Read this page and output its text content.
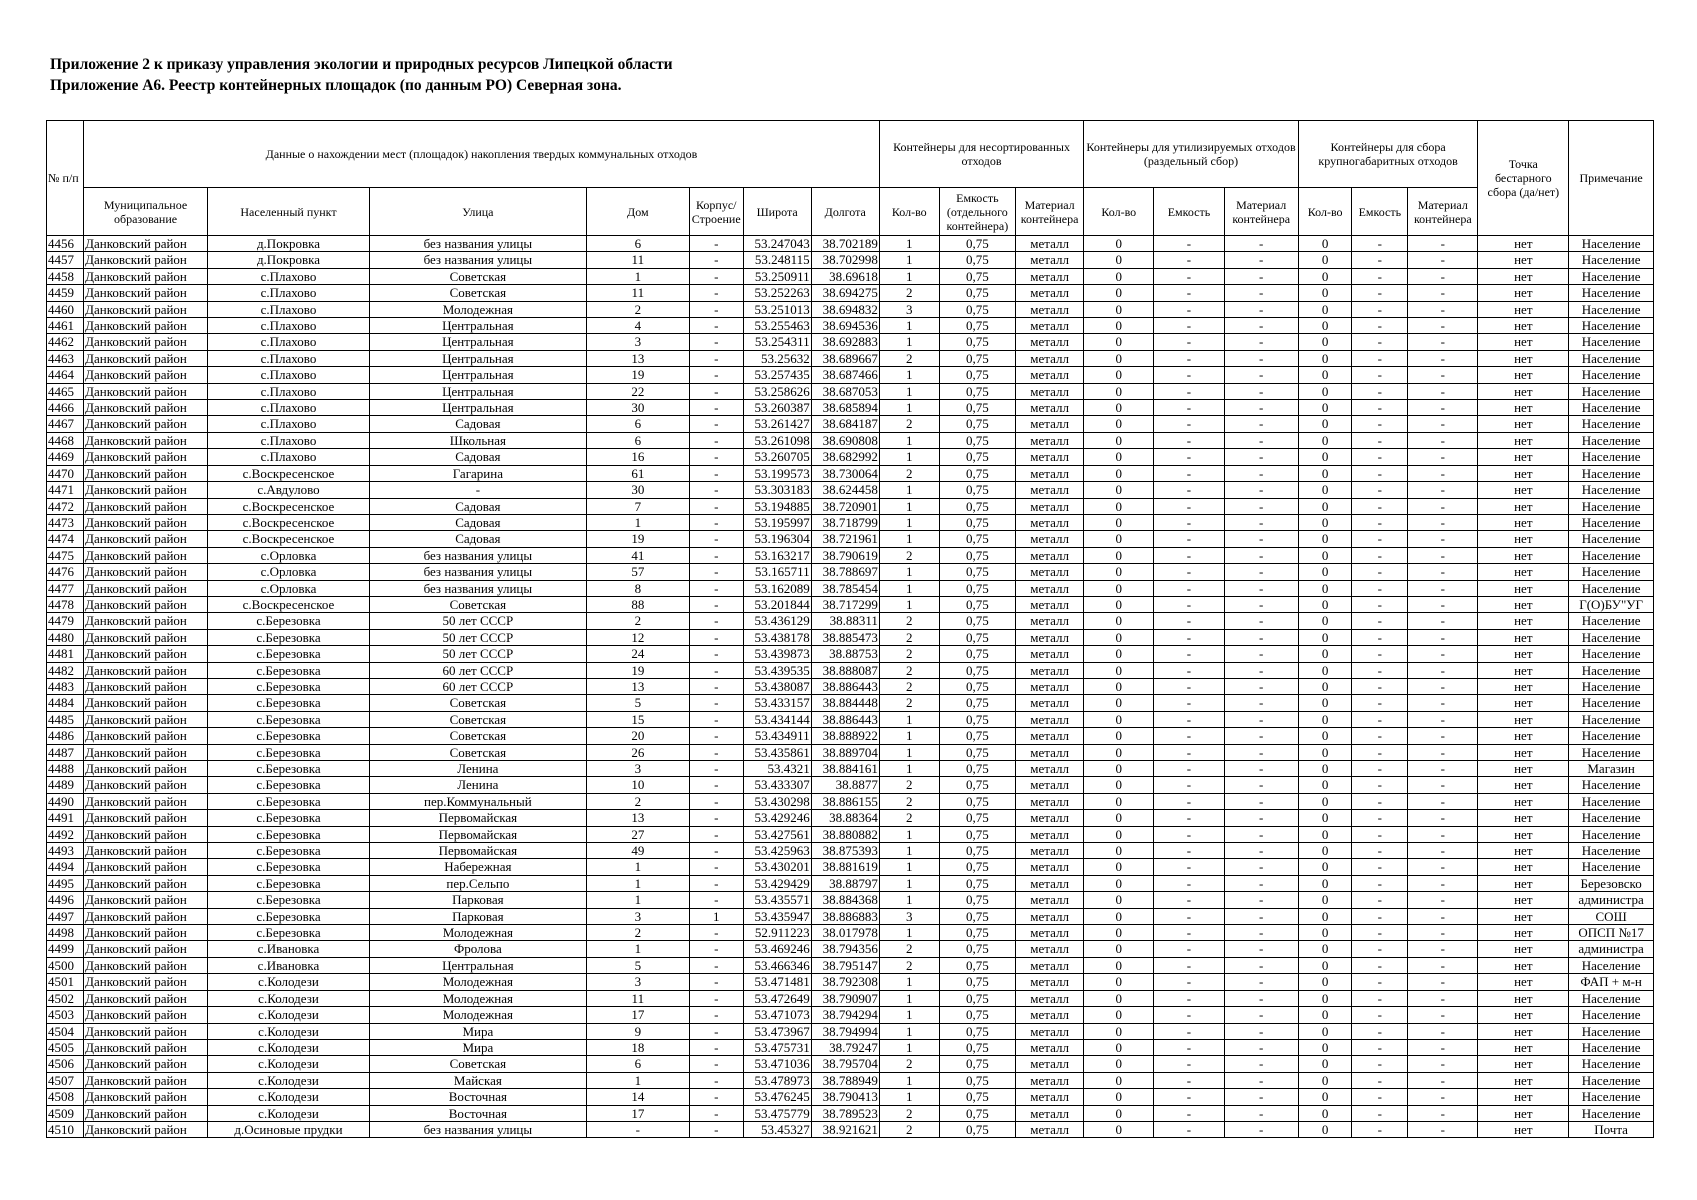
Приложение 2 к приказу управления экологии и природных ресурсов Липецкой области
Приложение А6. Реестр контейнерных площадок (по данным РО) Северная зона.
№ п/п	Данные о нахождении мест (площадок) накопления твердых коммунальных отходов							Контейнеры для несортированных отходов			Контейнеры для утилизируемых отходов (раздельный сбор)			Контейнеры для сбора крупногабаритных отходов			Точка бестарного сбора (да/нет)	Примечание
	Муниципальное образование	Населенный пункт	Улица	Дом	Корпус/ Строение	Широта	Долгота	Кол-во	Емкость (отдельного контейнера)	Материал контейнера	Кол-во	Емкость	Материал контейнера	Кол-во	Емкость	Материал контейнера		
4456	Данковский район	д.Покровка	без названия улицы	6	-	53.247043	38.702189	1	0,75	металл	0	-	-	0	-	-	нет	Население
4457	Данковский район	д.Покровка	без названия улицы	11	-	53.248115	38.702998	1	0,75	металл	0	-	-	0	-	-	нет	Население
4458	Данковский район	с.Плахово	Советская	1	-	53.250911	38.69618	1	0,75	металл	0	-	-	0	-	-	нет	Население
4459	Данковский район	с.Плахово	Советская	11	-	53.252263	38.694275	2	0,75	металл	0	-	-	0	-	-	нет	Население
4460	Данковский район	с.Плахово	Молодежная	2	-	53.251013	38.694832	3	0,75	металл	0	-	-	0	-	-	нет	Население
4461	Данковский район	с.Плахово	Центральная	4	-	53.255463	38.694536	1	0,75	металл	0	-	-	0	-	-	нет	Население
4462	Данковский район	с.Плахово	Центральная	3	-	53.254311	38.692883	1	0,75	металл	0	-	-	0	-	-	нет	Население
4463	Данковский район	с.Плахово	Центральная	13	-	53.25632	38.689667	2	0,75	металл	0	-	-	0	-	-	нет	Население
4464	Данковский район	с.Плахово	Центральная	19	-	53.257435	38.687466	1	0,75	металл	0	-	-	0	-	-	нет	Население
4465	Данковский район	с.Плахово	Центральная	22	-	53.258626	38.687053	1	0,75	металл	0	-	-	0	-	-	нет	Население
4466	Данковский район	с.Плахово	Центральная	30	-	53.260387	38.685894	1	0,75	металл	0	-	-	0	-	-	нет	Население
4467	Данковский район	с.Плахово	Садовая	6	-	53.261427	38.684187	2	0,75	металл	0	-	-	0	-	-	нет	Население
4468	Данковский район	с.Плахово	Школьная	6	-	53.261098	38.690808	1	0,75	металл	0	-	-	0	-	-	нет	Население
4469	Данковский район	с.Плахово	Садовая	16	-	53.260705	38.682992	1	0,75	металл	0	-	-	0	-	-	нет	Население
4470	Данковский район	с.Воскресенское	Гагарина	61	-	53.199573	38.730064	2	0,75	металл	0	-	-	0	-	-	нет	Население
4471	Данковский район	с.Авдулово	-	30	-	53.303183	38.624458	1	0,75	металл	0	-	-	0	-	-	нет	Население
4472	Данковский район	с.Воскресенское	Садовая	7	-	53.194885	38.720901	1	0,75	металл	0	-	-	0	-	-	нет	Население
4473	Данковский район	с.Воскресенское	Садовая	1	-	53.195997	38.718799	1	0,75	металл	0	-	-	0	-	-	нет	Население
4474	Данковский район	с.Воскресенское	Садовая	19	-	53.196304	38.721961	1	0,75	металл	0	-	-	0	-	-	нет	Население
4475	Данковский район	с.Орловка	без названия улицы	41	-	53.163217	38.790619	2	0,75	металл	0	-	-	0	-	-	нет	Население
4476	Данковский район	с.Орловка	без названия улицы	57	-	53.165711	38.788697	1	0,75	металл	0	-	-	0	-	-	нет	Население
4477	Данковский район	с.Орловка	без названия улицы	8	-	53.162089	38.785454	1	0,75	металл	0	-	-	0	-	-	нет	Население
4478	Данковский район	с.Воскресенское	Советская	88	-	53.201844	38.717299	1	0,75	металл	0	-	-	0	-	-	нет	Г(О)БУ"УГ
4479	Данковский район	с.Березовка	50 лет СССР	2	-	53.436129	38.88311	2	0,75	металл	0	-	-	0	-	-	нет	Население
4480	Данковский район	с.Березовка	50 лет СССР	12	-	53.438178	38.885473	2	0,75	металл	0	-	-	0	-	-	нет	Население
4481	Данковский район	с.Березовка	50 лет СССР	24	-	53.439873	38.88753	2	0,75	металл	0	-	-	0	-	-	нет	Население
4482	Данковский район	с.Березовка	60 лет СССР	19	-	53.439535	38.888087	2	0,75	металл	0	-	-	0	-	-	нет	Население
4483	Данковский район	с.Березовка	60 лет СССР	13	-	53.438087	38.886443	2	0,75	металл	0	-	-	0	-	-	нет	Население
4484	Данковский район	с.Березовка	Советская	5	-	53.433157	38.884448	2	0,75	металл	0	-	-	0	-	-	нет	Население
4485	Данковский район	с.Березовка	Советская	15	-	53.434144	38.886443	1	0,75	металл	0	-	-	0	-	-	нет	Население
4486	Данковский район	с.Березовка	Советская	20	-	53.434911	38.888922	1	0,75	металл	0	-	-	0	-	-	нет	Население
4487	Данковский район	с.Березовка	Советская	26	-	53.435861	38.889704	1	0,75	металл	0	-	-	0	-	-	нет	Население
4488	Данковский район	с.Березовка	Ленина	3	-	53.4321	38.884161	1	0,75	металл	0	-	-	0	-	-	нет	Магазин
4489	Данковский район	с.Березовка	Ленина	10	-	53.433307	38.8877	2	0,75	металл	0	-	-	0	-	-	нет	Население
4490	Данковский район	с.Березовка	пер.Коммунальный	2	-	53.430298	38.886155	2	0,75	металл	0	-	-	0	-	-	нет	Население
4491	Данковский район	с.Березовка	Первомайская	13	-	53.429246	38.88364	2	0,75	металл	0	-	-	0	-	-	нет	Население
4492	Данковский район	с.Березовка	Первомайская	27	-	53.427561	38.880882	1	0,75	металл	0	-	-	0	-	-	нет	Население
4493	Данковский район	с.Березовка	Первомайская	49	-	53.425963	38.875393	1	0,75	металл	0	-	-	0	-	-	нет	Население
4494	Данковский район	с.Березовка	Набережная	1	-	53.430201	38.881619	1	0,75	металл	0	-	-	0	-	-	нет	Население
4495	Данковский район	с.Березовка	пер.Сельпо	1	-	53.429429	38.88797	1	0,75	металл	0	-	-	0	-	-	нет	Березовско
4496	Данковский район	с.Березовка	Парковая	1	-	53.435571	38.884368	1	0,75	металл	0	-	-	0	-	-	нет	администра
4497	Данковский район	с.Березовка	Парковая	3	1	53.435947	38.886883	3	0,75	металл	0	-	-	0	-	-	нет	СОШ
4498	Данковский район	с.Березовка	Молодежная	2	-	52.911223	38.017978	1	0,75	металл	0	-	-	0	-	-	нет	ОПСП №17
4499	Данковский район	с.Ивановка	Фролова	1	-	53.469246	38.794356	2	0,75	металл	0	-	-	0	-	-	нет	администра
4500	Данковский район	с.Ивановка	Центральная	5	-	53.466346	38.795147	2	0,75	металл	0	-	-	0	-	-	нет	Население
4501	Данковский район	с.Колодези	Молодежная	3	-	53.471481	38.792308	1	0,75	металл	0	-	-	0	-	-	нет	ФАП + м-н
4502	Данковский район	с.Колодези	Молодежная	11	-	53.472649	38.790907	1	0,75	металл	0	-	-	0	-	-	нет	Население
4503	Данковский район	с.Колодези	Молодежная	17	-	53.471073	38.794294	1	0,75	металл	0	-	-	0	-	-	нет	Население
4504	Данковский район	с.Колодези	Мира	9	-	53.473967	38.794994	1	0,75	металл	0	-	-	0	-	-	нет	Население
4505	Данковский район	с.Колодези	Мира	18	-	53.475731	38.79247	1	0,75	металл	0	-	-	0	-	-	нет	Население
4506	Данковский район	с.Колодези	Советская	6	-	53.471036	38.795704	2	0,75	металл	0	-	-	0	-	-	нет	Население
4507	Данковский район	с.Колодези	Майская	1	-	53.478973	38.788949	1	0,75	металл	0	-	-	0	-	-	нет	Население
4508	Данковский район	с.Колодези	Восточная	14	-	53.476245	38.790413	1	0,75	металл	0	-	-	0	-	-	нет	Население
4509	Данковский район	с.Колодези	Восточная	17	-	53.475779	38.789523	2	0,75	металл	0	-	-	0	-	-	нет	Население
4510	Данковский район	д.Осиновые прудки	без названия улицы	-	-	53.45327	38.921621	2	0,75	металл	0	-	-	0	-	-	нет	Почта
